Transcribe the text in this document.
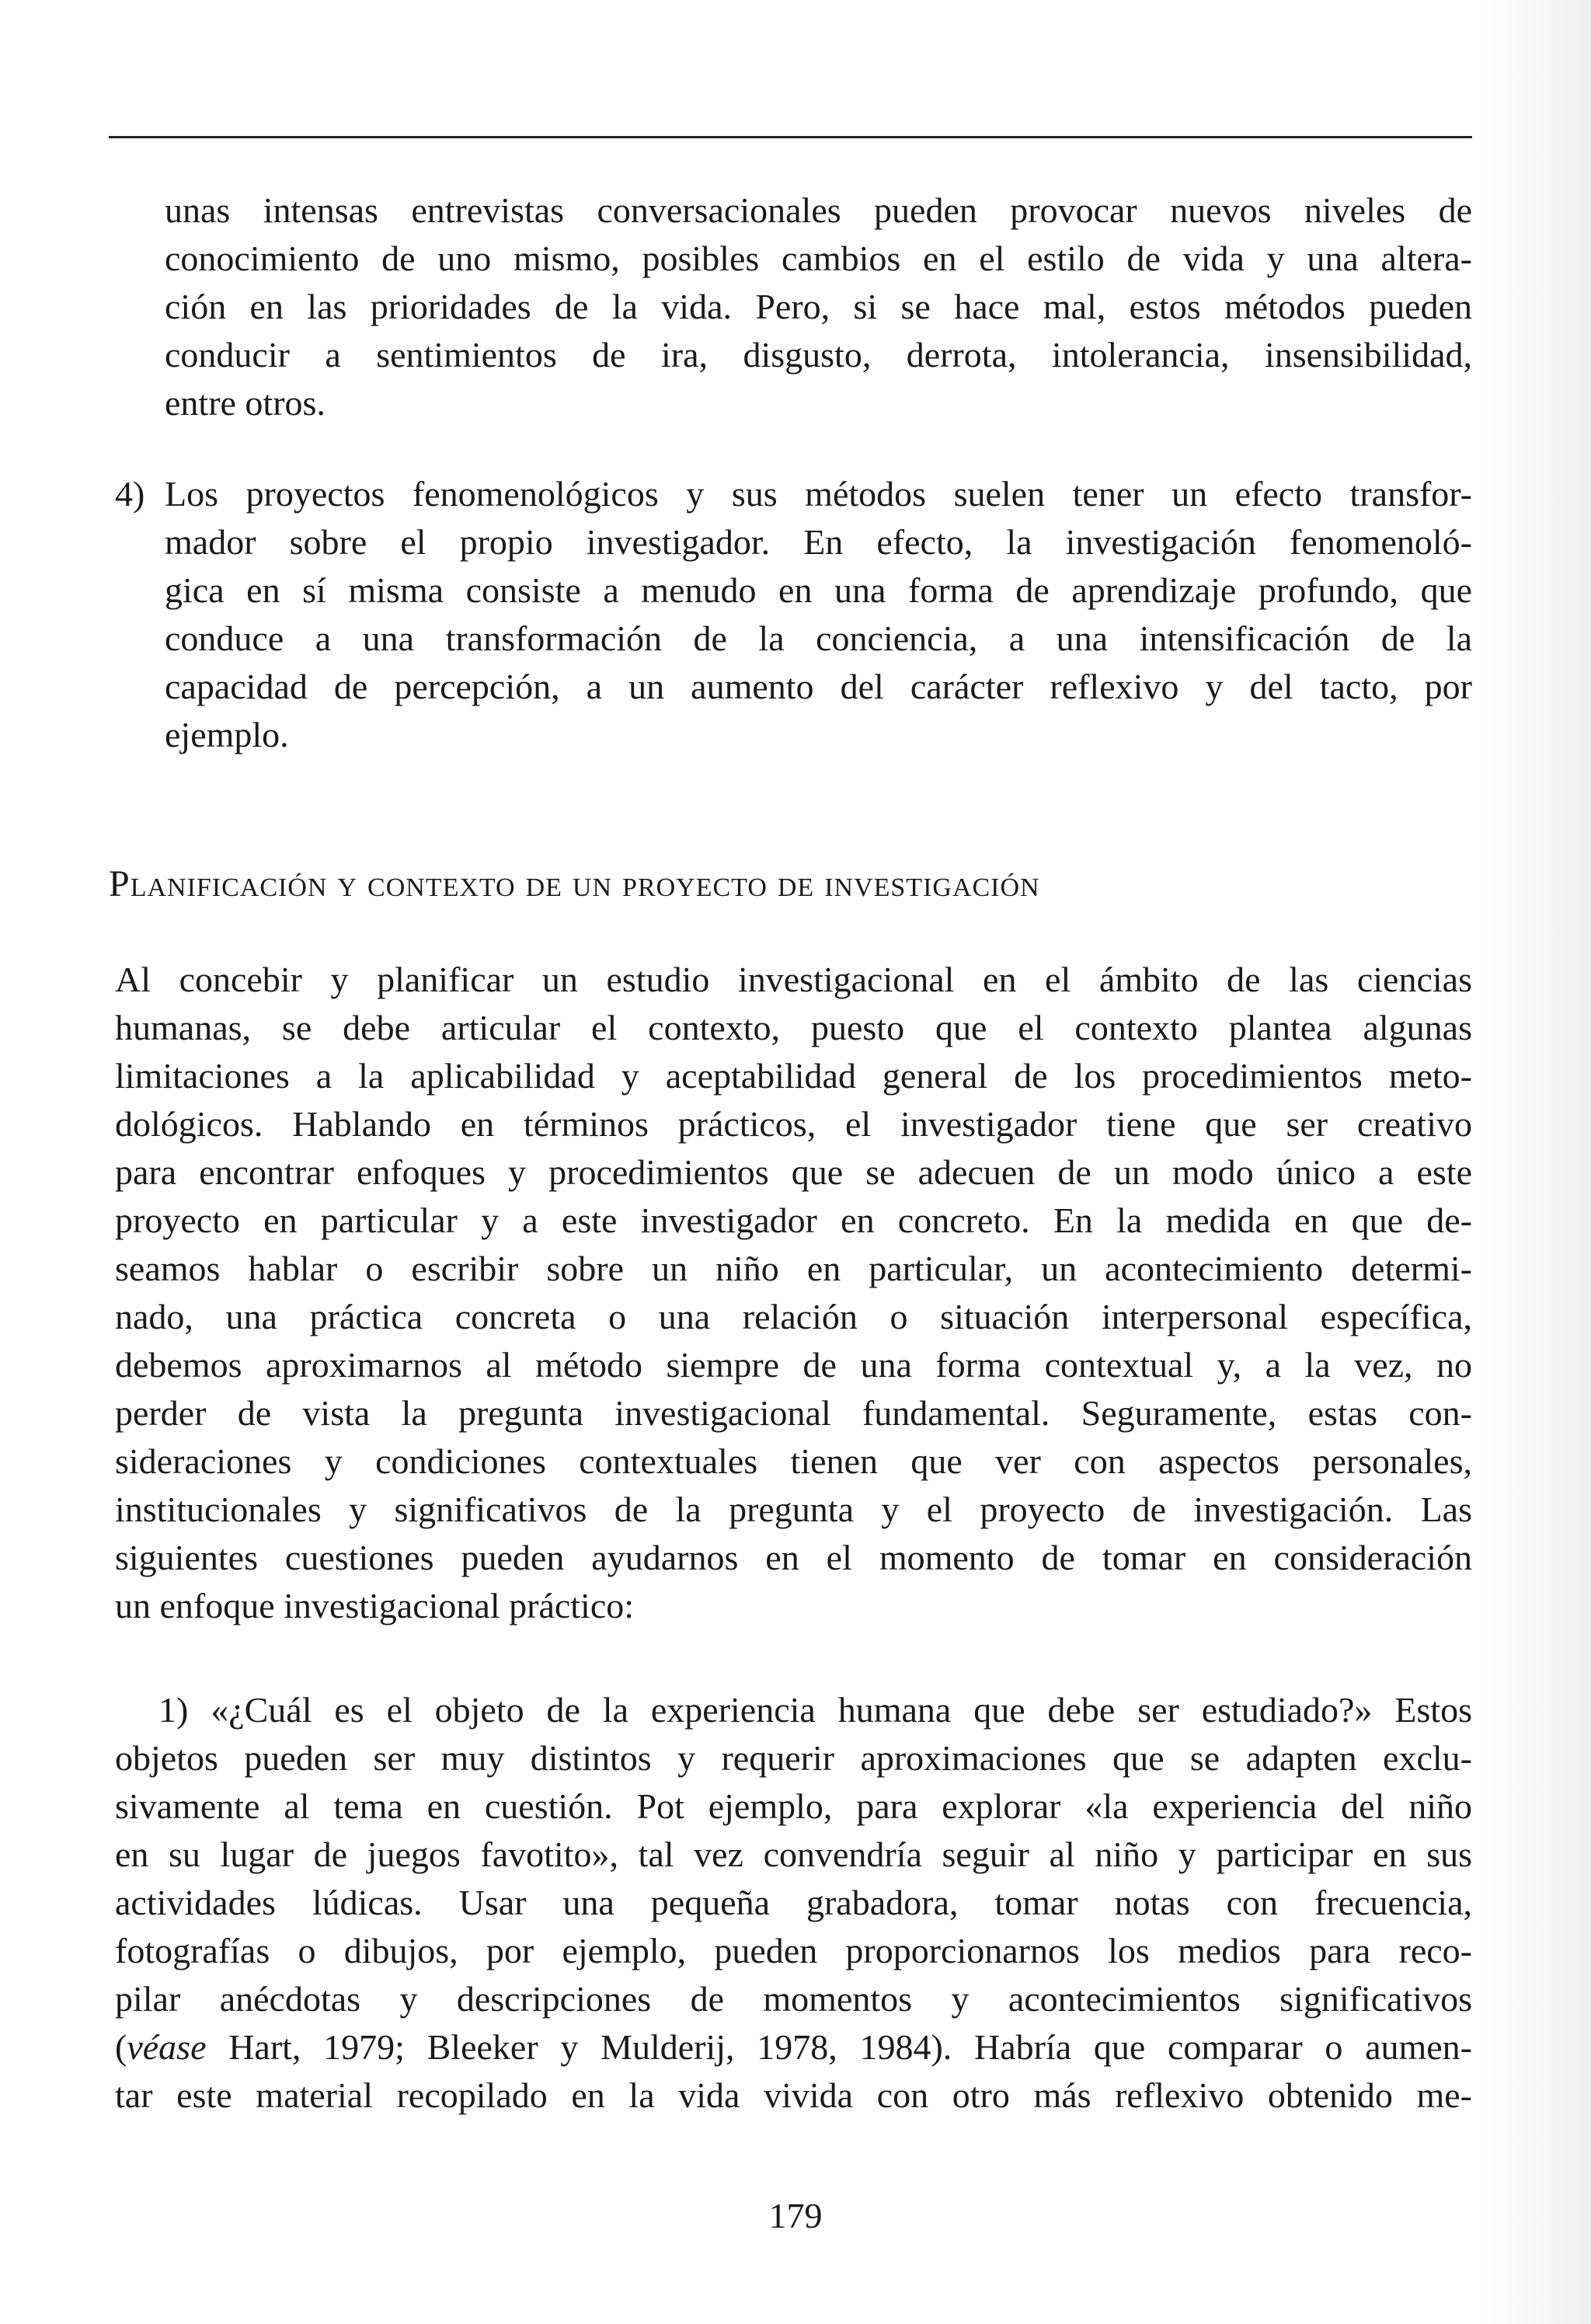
unas intensas entrevistas conversacionales pueden provocar nuevos niveles de
conocimiento de uno mismo, posibles cambios en el estilo de vida y una altera-
ción en las prioridades de la vida. Pero, si se hace mal, estos métodos pueden
conducir a sentimientos de ira, disgusto, derrota, intolerancia, insensibilidad,
entre otros.
4) Los proyectos fenomenológicos y sus métodos suelen tener un efecto transfor-
mador sobre el propio investigador. En efecto, la investigación fenomenoló-
gica en sí misma consiste a menudo en una forma de aprendizaje profundo, que
conduce a una transformación de la conciencia, a una intensificación de la
capacidad de percepción, a un aumento del carácter reflexivo y del tacto, por
ejemplo.
Planificación y contexto de un proyecto de investigación
Al concebir y planificar un estudio investigacional en el ámbito de las ciencias
humanas, se debe articular el contexto, puesto que el contexto plantea algunas
limitaciones a la aplicabilidad y aceptabilidad general de los procedimientos meto-
dológicos. Hablando en términos prácticos, el investigador tiene que ser creativo
para encontrar enfoques y procedimientos que se adecuen de un modo único a este
proyecto en particular y a este investigador en concreto. En la medida en que de-
seamos hablar o escribir sobre un niño en particular, un acontecimiento determi-
nado, una práctica concreta o una relación o situación interpersonal específica,
debemos aproximarnos al método siempre de una forma contextual y, a la vez, no
perder de vista la pregunta investigacional fundamental. Seguramente, estas con-
sideraciones y condiciones contextuales tienen que ver con aspectos personales,
institucionales y significativos de la pregunta y el proyecto de investigación. Las
siguientes cuestiones pueden ayudarnos en el momento de tomar en consideración
un enfoque investigacional práctico:
1) «¿Cuál es el objeto de la experiencia humana que debe ser estudiado?» Estos
objetos pueden ser muy distintos y requerir aproximaciones que se adapten exclu-
sivamente al tema en cuestión. Pot ejemplo, para explorar «la experiencia del niño
en su lugar de juegos favotito», tal vez convendría seguir al niño y participar en sus
actividades lúdicas. Usar una pequeña grabadora, tomar notas con frecuencia,
fotografías o dibujos, por ejemplo, pueden proporcionarnos los medios para reco-
pilar anécdotas y descripciones de momentos y acontecimientos significativos
(véase Hart, 1979; Bleeker y Mulderij, 1978, 1984). Habría que comparar o aumen-
tar este material recopilado en la vida vivida con otro más reflexivo obtenido me-
179
